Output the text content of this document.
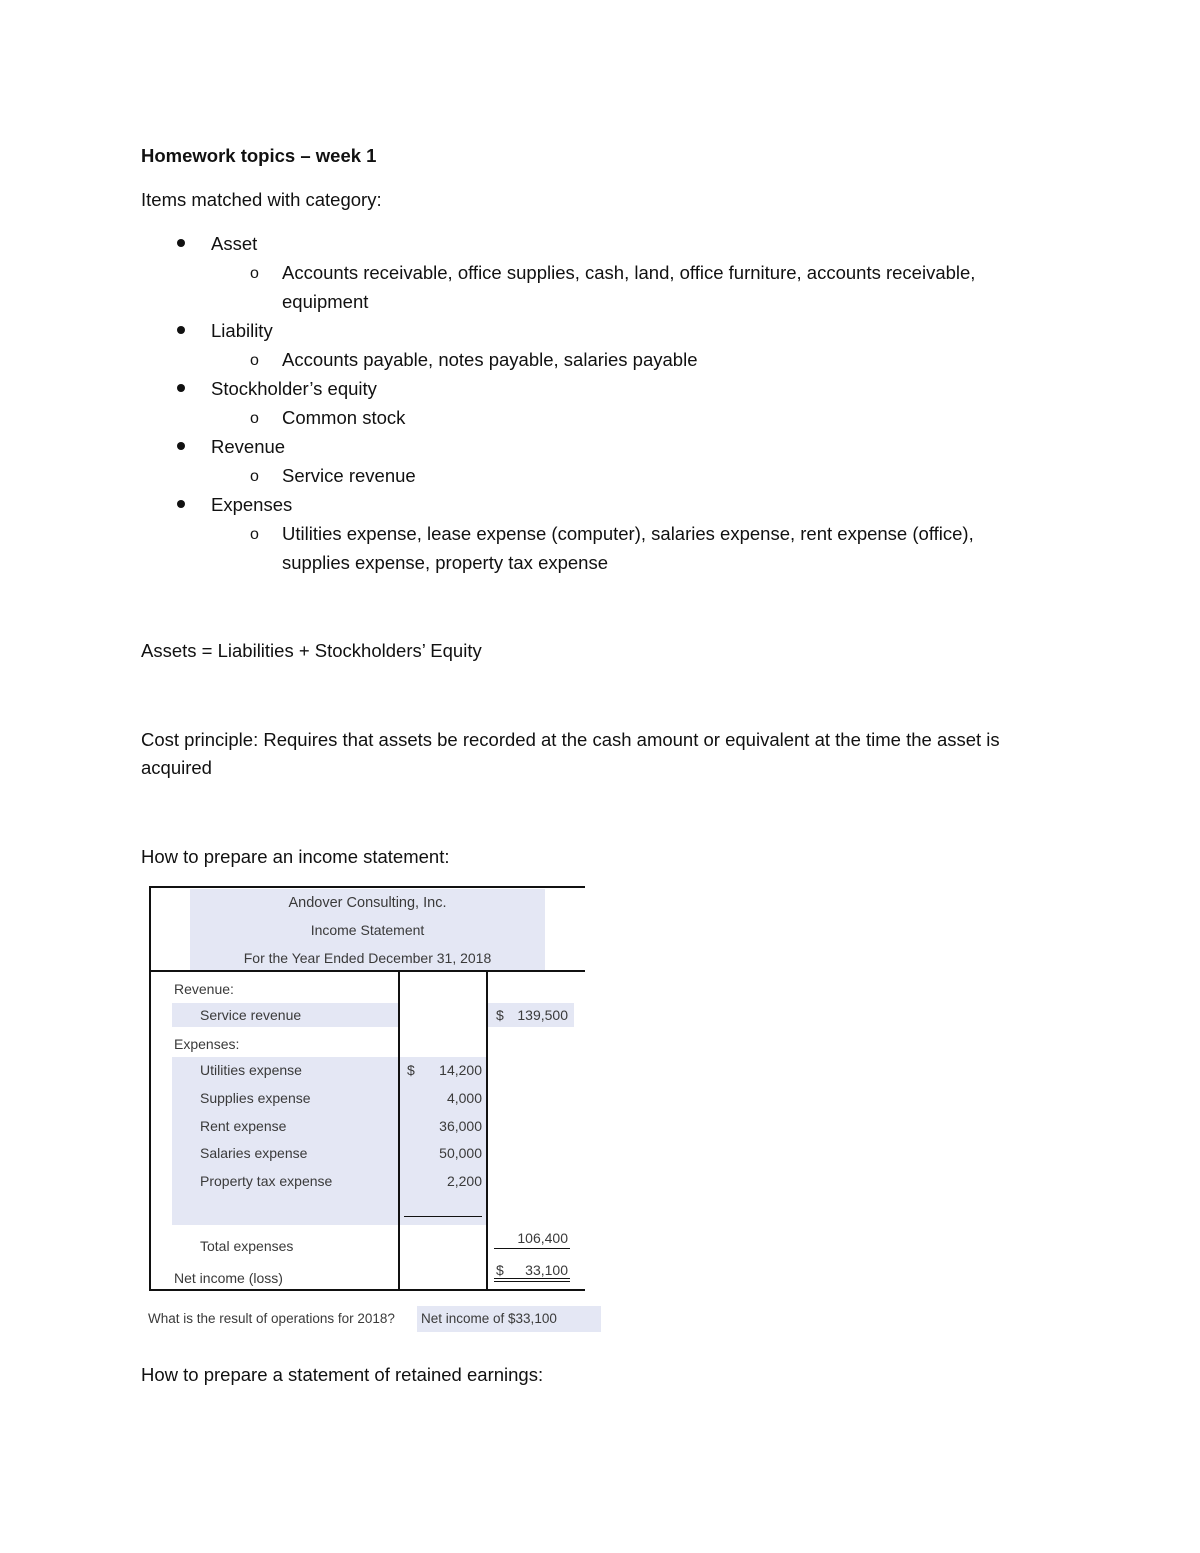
Homework topics – week 1
Items matched with category:
Asset
o Accounts receivable, office supplies, cash, land, office furniture, accounts receivable,
equipment
Liability
o Accounts payable, notes payable, salaries payable
Stockholder’s equity
o Common stock
Revenue
o Service revenue
Expenses
o Utilities expense, lease expense (computer), salaries expense, rent expense (office),
supplies expense, property tax expense
Assets = Liabilities + Stockholders’ Equity
Cost principle: Requires that assets be recorded at the cash amount or equivalent at the time the asset is
acquired
How to prepare an income statement:
Andover Consulting, Inc.
Income Statement
For the Year Ended December 31, 2018
Revenue:
Service revenue	$ 139,500
Expenses:
Utilities expense	$	14,200
Supplies expense	4,000
Rent expense	36,000
Salaries expense	50,000
Property tax expense	2,200
Total expenses	106,400
Net income (loss)	$	33,100
What is the result of operations for 2018? Net income of $33,100
How to prepare a statement of retained earnings:
